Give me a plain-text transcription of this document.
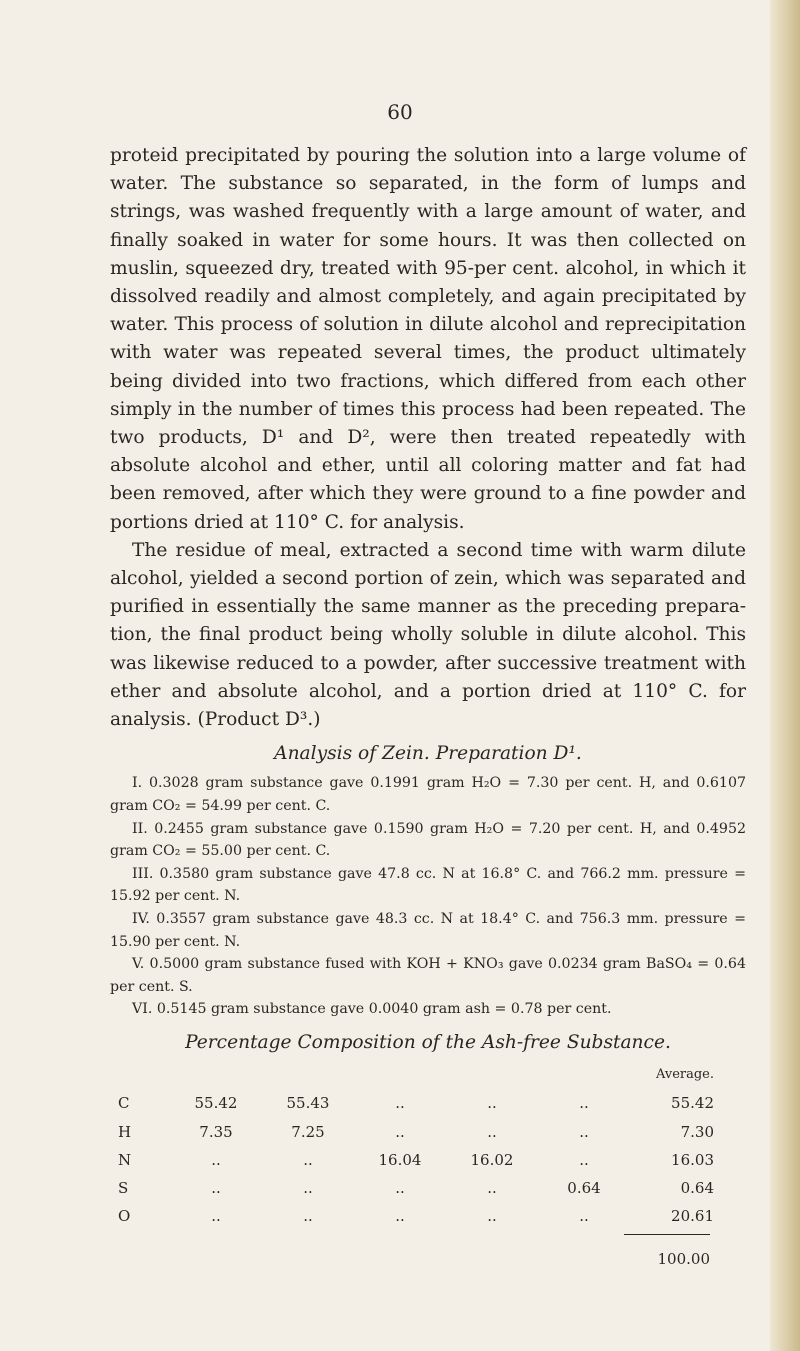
60

proteid precipitated by pouring the solution into a large volume of water. The substance so separated, in the form of lumps and strings, was washed frequently with a large amount of water, and finally soaked in water for some hours. It was then collected on muslin, squeezed dry, treated with 95-per cent. alcohol, in which it dissolved readily and almost completely, and again precipitated by water. This process of solution in dilute alcohol and reprecipitation with water was repeated several times, the product ultimately being divided into two fractions, which differed from each other simply in the number of times this process had been repeated. The two products, D¹ and D², were then treated repeatedly with absolute alcohol and ether, until all coloring matter and fat had been removed, after which they were ground to a fine powder and portions dried at 110° C. for analysis.

The residue of meal, extracted a second time with warm dilute alcohol, yielded a second portion of zein, which was separated and purified in essentially the same manner as the preceding preparation, the final product being wholly soluble in dilute alcohol. This was likewise reduced to a powder, after successive treatment with ether and absolute alcohol, and a portion dried at 110° C. for analysis. (Product D³.)

Analysis of Zein. Preparation D¹.

I. 0.3028 gram substance gave 0.1991 gram H₂O = 7.30 per cent. H, and 0.6107 gram CO₂ = 54.99 per cent. C.

II. 0.2455 gram substance gave 0.1590 gram H₂O = 7.20 per cent. H, and 0.4952 gram CO₂ = 55.00 per cent. C.

III. 0.3580 gram substance gave 47.8 cc. N at 16.8° C. and 766.2 mm. pressure = 15.92 per cent. N.

IV. 0.3557 gram substance gave 48.3 cc. N at 18.4° C. and 756.3 mm. pressure = 15.90 per cent. N.

V. 0.5000 gram substance fused with KOH + KNO₃ gave 0.0234 gram BaSO₄ = 0.64 per cent. S.

VI. 0.5145 gram substance gave 0.0040 gram ash = 0.78 per cent.

Percentage Composition of the Ash-free Substance.
						Average.
C	55.42	55.43	..	..	..	55.42
H	7.35	7.25	..	..	..	7.30
N	..	..	16.04	16.02	..	16.03
S	..	..	..	..	0.64	0.64
O	..	..	..	..	..	20.61
100.00
